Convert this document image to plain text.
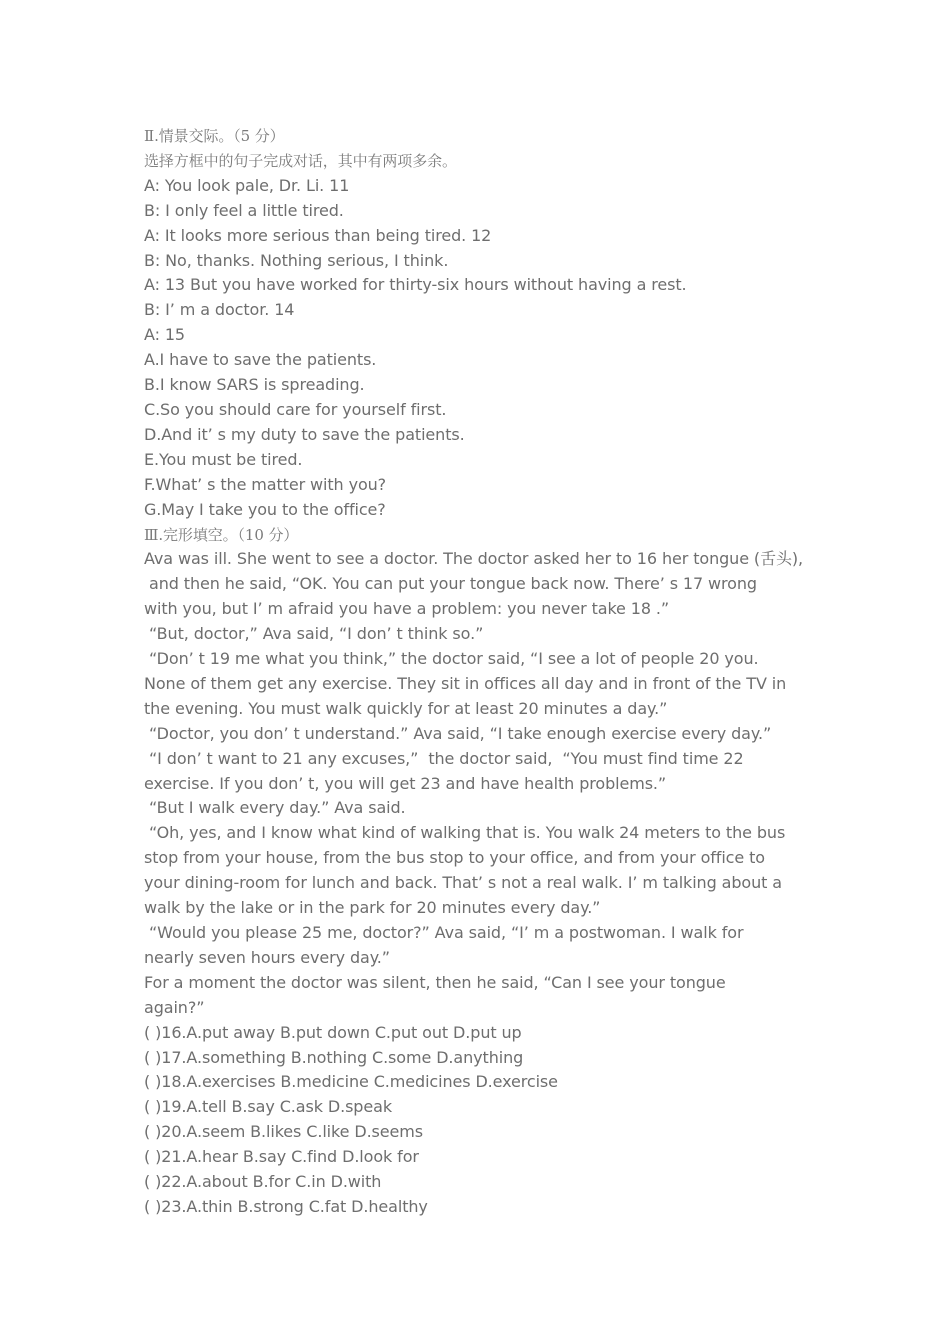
Ⅱ.情景交际。（5 分）
选择方框中的句子完成对话，其中有两项多余。
A: You look pale, Dr. Li. 11
B: I only feel a little tired.
A: It looks more serious than being tired. 12
B: No, thanks. Nothing serious, I think.
A: 13 But you have worked for thirty-six hours without having a rest.
B: I’ m a doctor. 14
A: 15
A.I have to save the patients.
B.I know SARS is spreading.
C.So you should care for yourself first.
D.And it’ s my duty to save the patients.
E.You must be tired.
F.What’ s the matter with you?
G.May I take you to the office?
Ⅲ.完形填空。（10 分）
Ava was ill. She went to see a doctor. The doctor asked her to 16 her tongue (舌头),
and then he said, “OK. You can put your tongue back now. There’ s 17 wrong
with you, but I’ m afraid you have a problem: you never take 18 .”
“But, doctor,” Ava said, “I don’ t think so.”
“Don’ t 19 me what you think,” the doctor said, “I see a lot of people 20 you.
None of them get any exercise. They sit in offices all day and in front of the TV in
the evening. You must walk quickly for at least 20 minutes a day.”
“Doctor, you don’ t understand.” Ava said, “I take enough exercise every day.”
“I don’ t want to 21 any excuses,”  the doctor said,  “You must find time 22
exercise. If you don’ t, you will get 23 and have health problems.”
“But I walk every day.” Ava said.
“Oh, yes, and I know what kind of walking that is. You walk 24 meters to the bus
stop from your house, from the bus stop to your office, and from your office to
your dining-room for lunch and back. That’ s not a real walk. I’ m talking about a
walk by the lake or in the park for 20 minutes every day.”
“Would you please 25 me, doctor?” Ava said, “I’ m a postwoman. I walk for
nearly seven hours every day.”
For a moment the doctor was silent, then he said, “Can I see your tongue
again?”
( )16.A.put away B.put down C.put out D.put up
( )17.A.something B.nothing C.some D.anything
( )18.A.exercises B.medicine C.medicines D.exercise
( )19.A.tell B.say C.ask D.speak
( )20.A.seem B.likes C.like D.seems
( )21.A.hear B.say C.find D.look for
( )22.A.about B.for C.in D.with
( )23.A.thin B.strong C.fat D.healthy
